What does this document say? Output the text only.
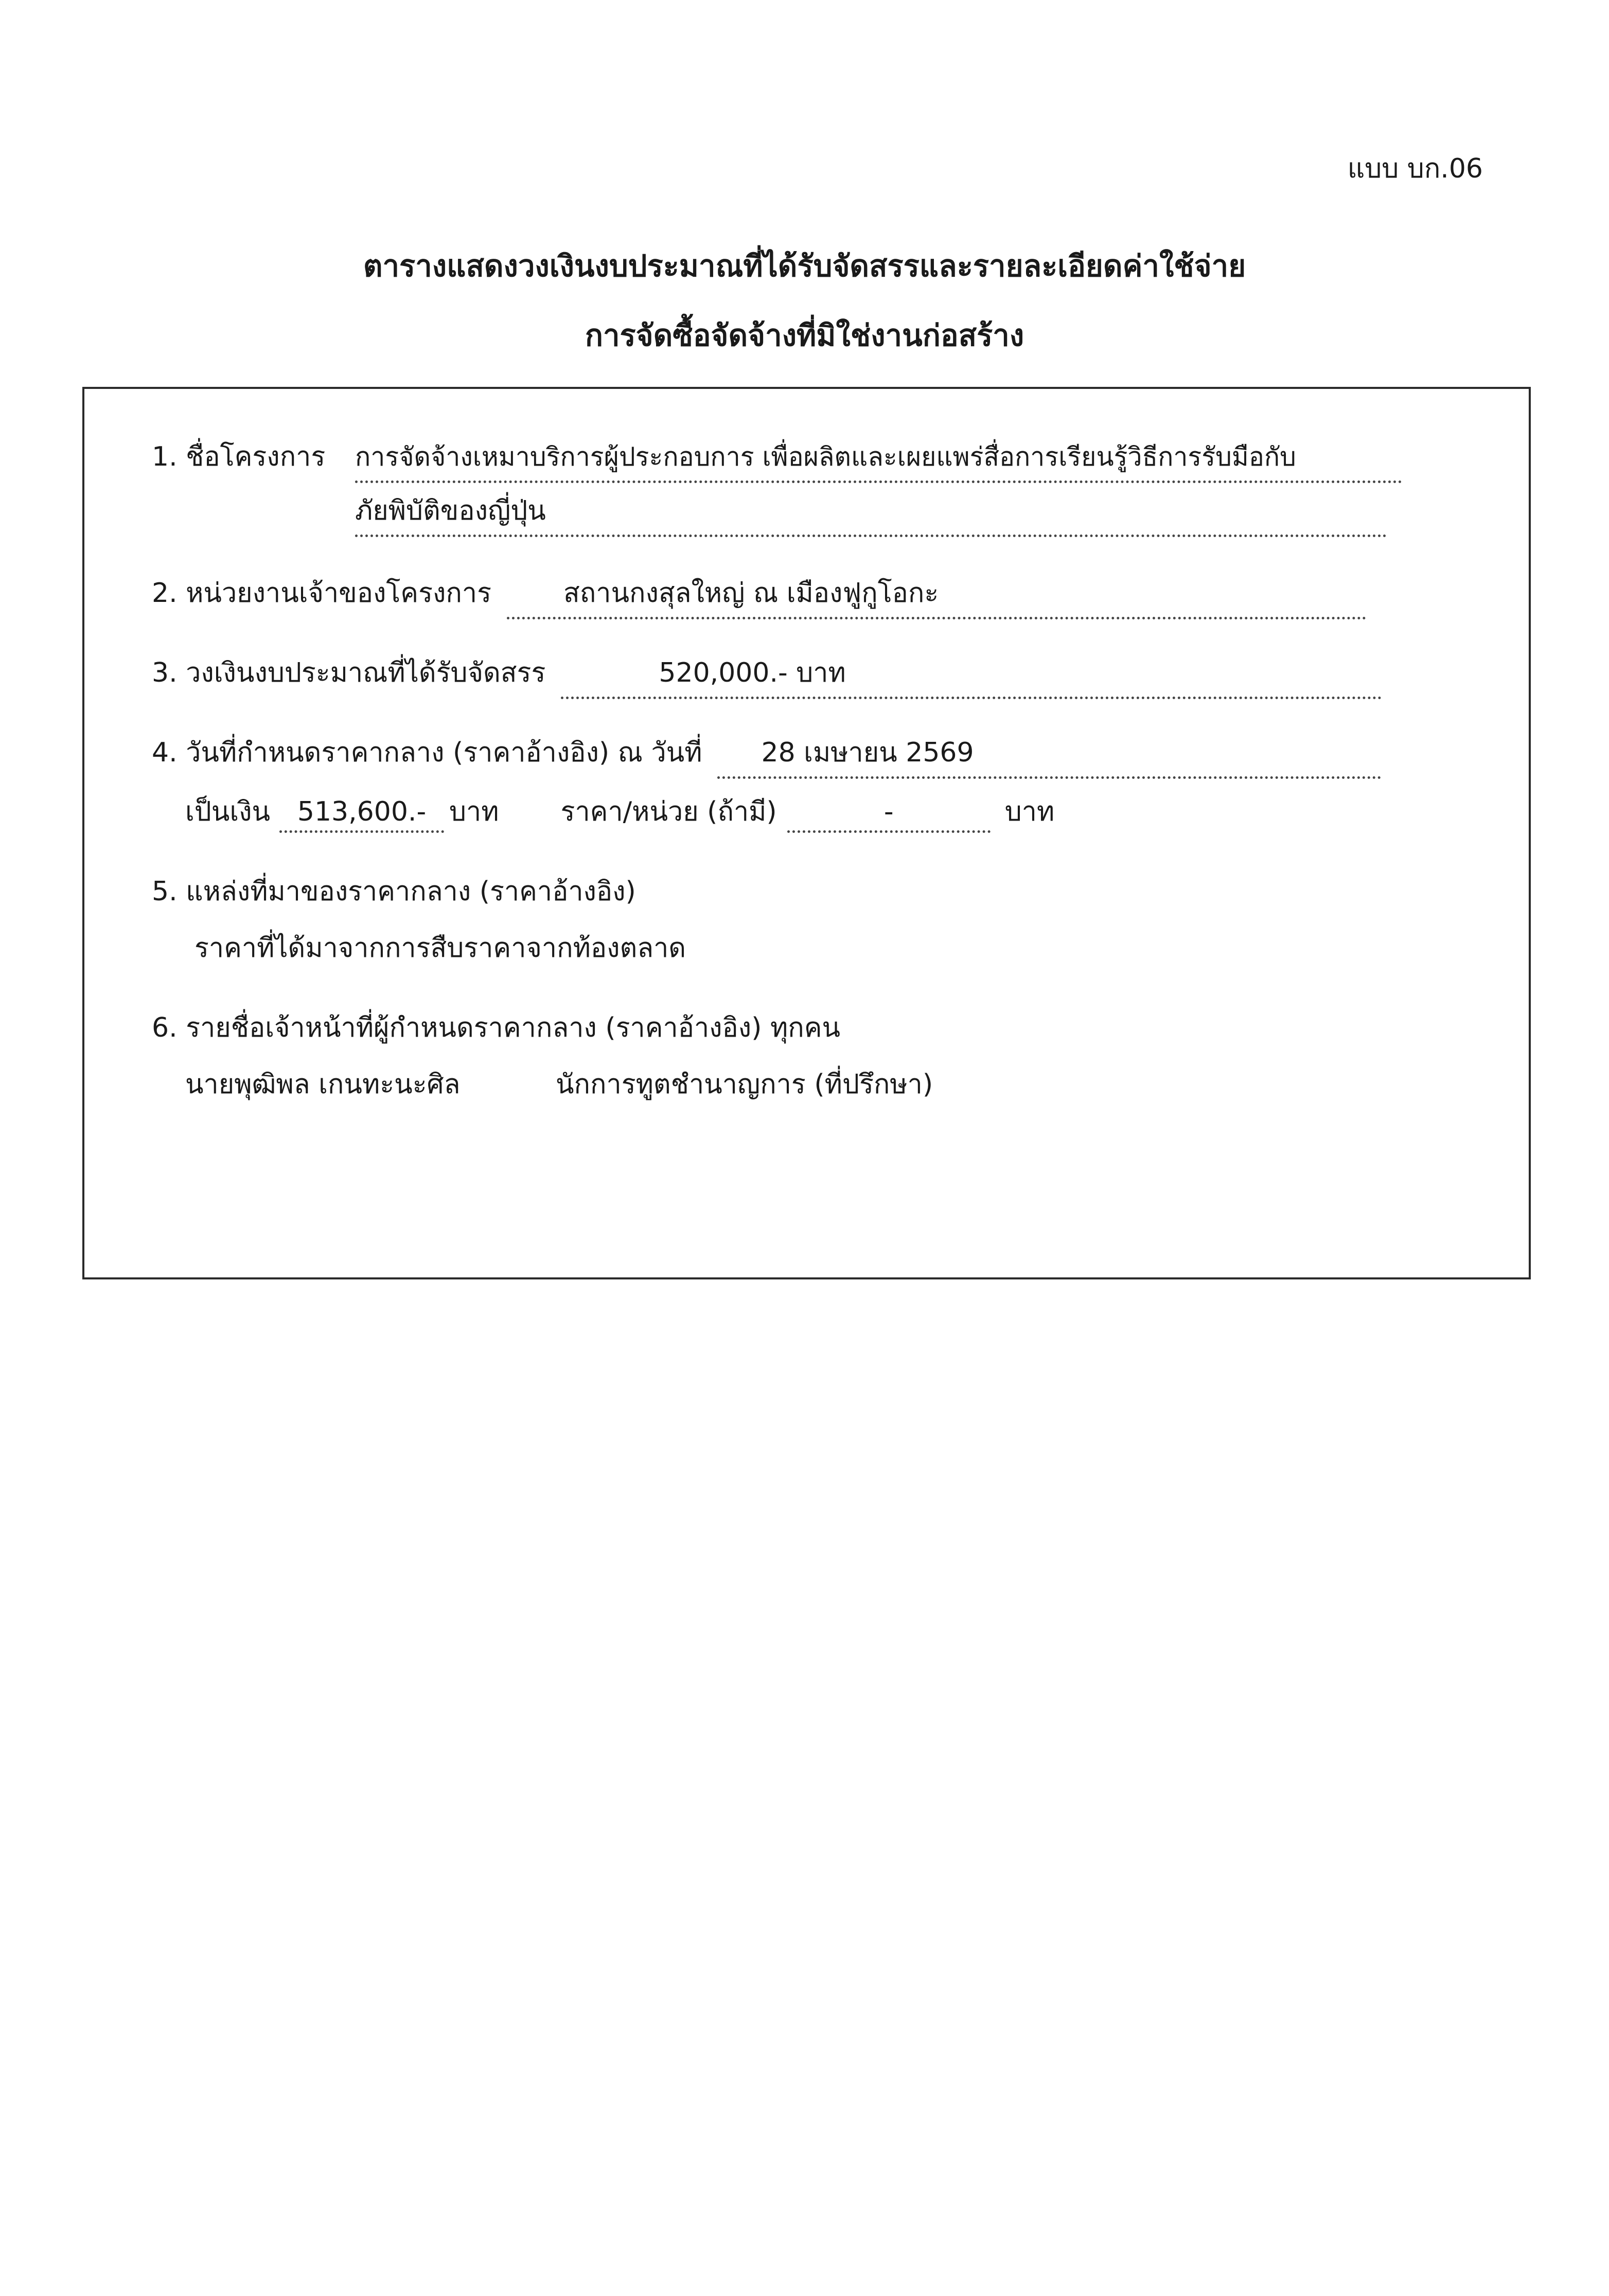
แบบ บก.06
ตารางแสดงวงเงินงบประมาณที่ได้รับจัดสรรและรายละเอียดค่าใช้จ่าย
การจัดซื้อจัดจ้างที่มิใช่งานก่อสร้าง
1. ชื่อโครงการ	การจัดจ้างเหมาบริการผู้ประกอบการ เพื่อผลิตและเผยแพร่สื่อการเรียนรู้วิธีการรับมือกับ
ภัยพิบัติของญี่ปุ่น
2. หน่วยงานเจ้าของโครงการ	สถานกงสุลใหญ่ ณ เมืองฟูกูโอกะ
3. วงเงินงบประมาณที่ได้รับจัดสรร	520,000.- บาท
4. วันที่กำหนดราคากลาง (ราคาอ้างอิง) ณ วันที่	28 เมษายน 2569
เป็นเงิน	513,600.- บาท ราคา/หน่วย (ถ้ามี)	-	บาท
5. แหล่งที่มาของราคากลาง (ราคาอ้างอิง)
ราคาที่ได้มาจากการสืบราคาจากท้องตลาด
6. รายชื่อเจ้าหน้าที่ผู้กำหนดราคากลาง (ราคาอ้างอิง) ทุกคน
นายพุฒิพล เกนทะนะศิล	นักการทูตชำนาญการ (ที่ปรึกษา)
